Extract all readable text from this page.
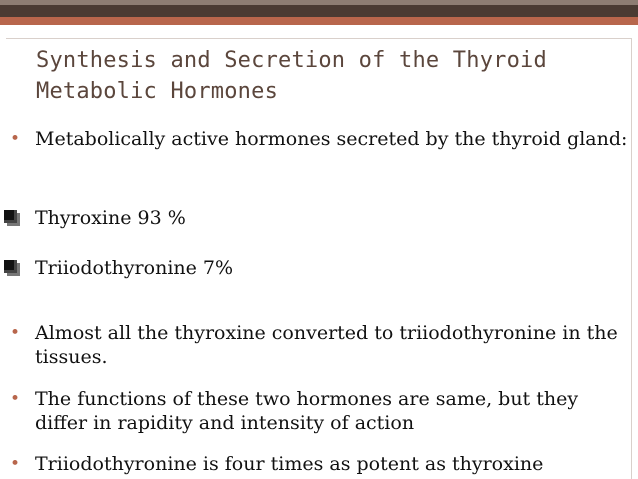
Synthesis and Secretion of the Thyroid
Metabolic Hormones
• Metabolically active hormones secreted by the thyroid gland:
Thyroxine 93 %
Triiodothyronine 7%
• Almost all the thyroxine converted to triiodothyronine in the tissues.
• The functions of these two hormones are same, but they differ in rapidity and intensity of action
• Triiodothyronine is four times as potent as thyroxine
